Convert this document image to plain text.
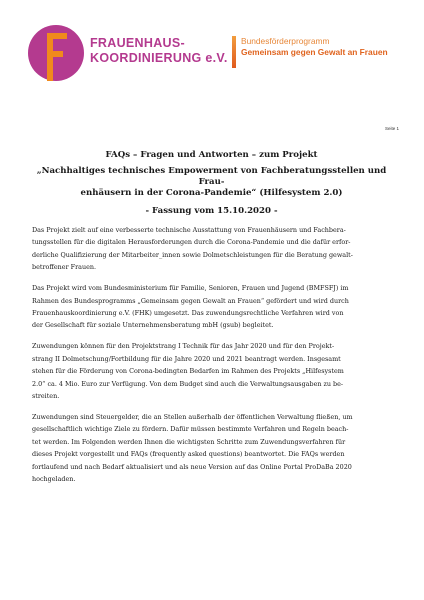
FRAUENHAUS-
KOORDINIERUNG e.V.
Bundesförderprogramm
Gemeinsam gegen Gewalt an Frauen
Seite 1
FAQs – Fragen und Antworten – zum Projekt
„Nachhaltiges technisches Empowerment von Fachberatungsstellen und Frau-
enhäusern in der Corona-Pandemie“ (Hilfesystem 2.0)
- Fassung vom 15.10.2020 -
Das Projekt zielt auf eine verbesserte technische Ausstattung von Frauenhäusern und Fachbera-
tungsstellen für die digitalen Herausforderungen durch die Corona-Pandemie und die dafür erfor-
derliche Qualifizierung der Mitarbeiter_innen sowie Dolmetschleistungen für die Beratung gewalt-
betroffener Frauen.
Das Projekt wird vom Bundesministerium für Familie, Senioren, Frauen und Jugend (BMFSFJ) im
Rahmen des Bundesprogramms „Gemeinsam gegen Gewalt an Frauen“ gefördert und wird durch
Frauenhauskoordinierung e.V. (FHK) umgesetzt. Das zuwendungsrechtliche Verfahren wird von
der Gesellschaft für soziale Unternehmensberatung mbH (gsub) begleitet.
Zuwendungen können für den Projektstrang I Technik für das Jahr 2020 und für den Projekt-
strang II Dolmetschung/Fortbildung für die Jahre 2020 und 2021 beantragt werden. Insgesamt
stehen für die Förderung von Corona-bedingten Bedarfen im Rahmen des Projekts „Hilfesystem
2.0“ ca. 4 Mio. Euro zur Verfügung. Von dem Budget sind auch die Verwaltungsausgaben zu be-
streiten.
Zuwendungen sind Steuergelder, die an Stellen außerhalb der öffentlichen Verwaltung fließen, um
gesellschaftlich wichtige Ziele zu fördern. Dafür müssen bestimmte Verfahren und Regeln beach-
tet werden. Im Folgenden werden Ihnen die wichtigsten Schritte zum Zuwendungsverfahren für
dieses Projekt vorgestellt und FAQs (frequently asked questions) beantwortet. Die FAQs werden
fortlaufend und nach Bedarf aktualisiert und als neue Version auf das Online Portal ProDaBa 2020
hochgeladen.
